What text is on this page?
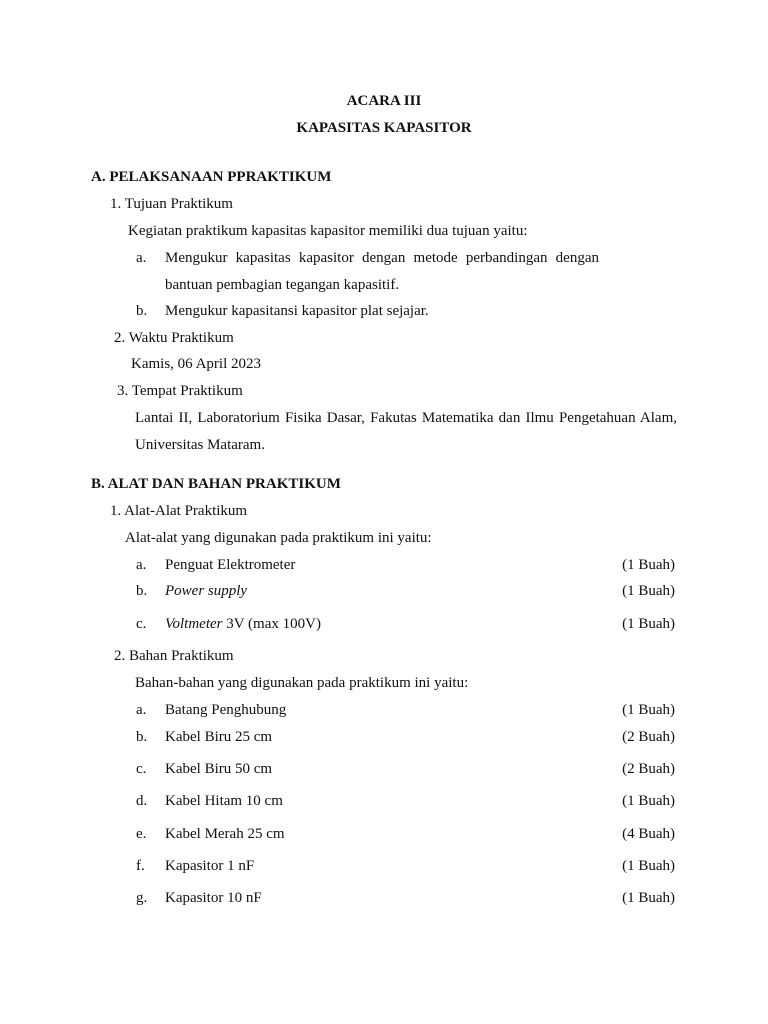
ACARA III
KAPASITAS KAPASITOR
A. PELAKSANAAN PPRAKTIKUM
1. Tujuan Praktikum
Kegiatan praktikum kapasitas kapasitor memiliki dua tujuan yaitu:
a. Mengukur kapasitas kapasitor dengan metode perbandingan dengan
bantuan pembagian tegangan kapasitif.
b. Mengukur kapasitansi kapasitor plat sejajar.
2. Waktu Praktikum
Kamis, 06 April 2023
3. Tempat Praktikum
Lantai II, Laboratorium Fisika Dasar, Fakutas Matematika dan Ilmu Pengetahuan Alam,
Universitas Mataram.
B. ALAT DAN BAHAN PRAKTIKUM
1. Alat-Alat Praktikum
Alat-alat yang digunakan pada praktikum ini yaitu:
a. Penguat Elektrometer	(1 Buah)
b. Power supply	(1 Buah)
c. Voltmeter 3V (max 100V)	(1 Buah)
2. Bahan Praktikum
Bahan-bahan yang digunakan pada praktikum ini yaitu:
a. Batang Penghubung	(1 Buah)
b. Kabel Biru 25 cm	(2 Buah)
c. Kabel Biru 50 cm	(2 Buah)
d. Kabel Hitam 10 cm	(1 Buah)
e. Kabel Merah 25 cm	(4 Buah)
f. Kapasitor 1 nF	(1 Buah)
g. Kapasitor 10 nF	(1 Buah)
